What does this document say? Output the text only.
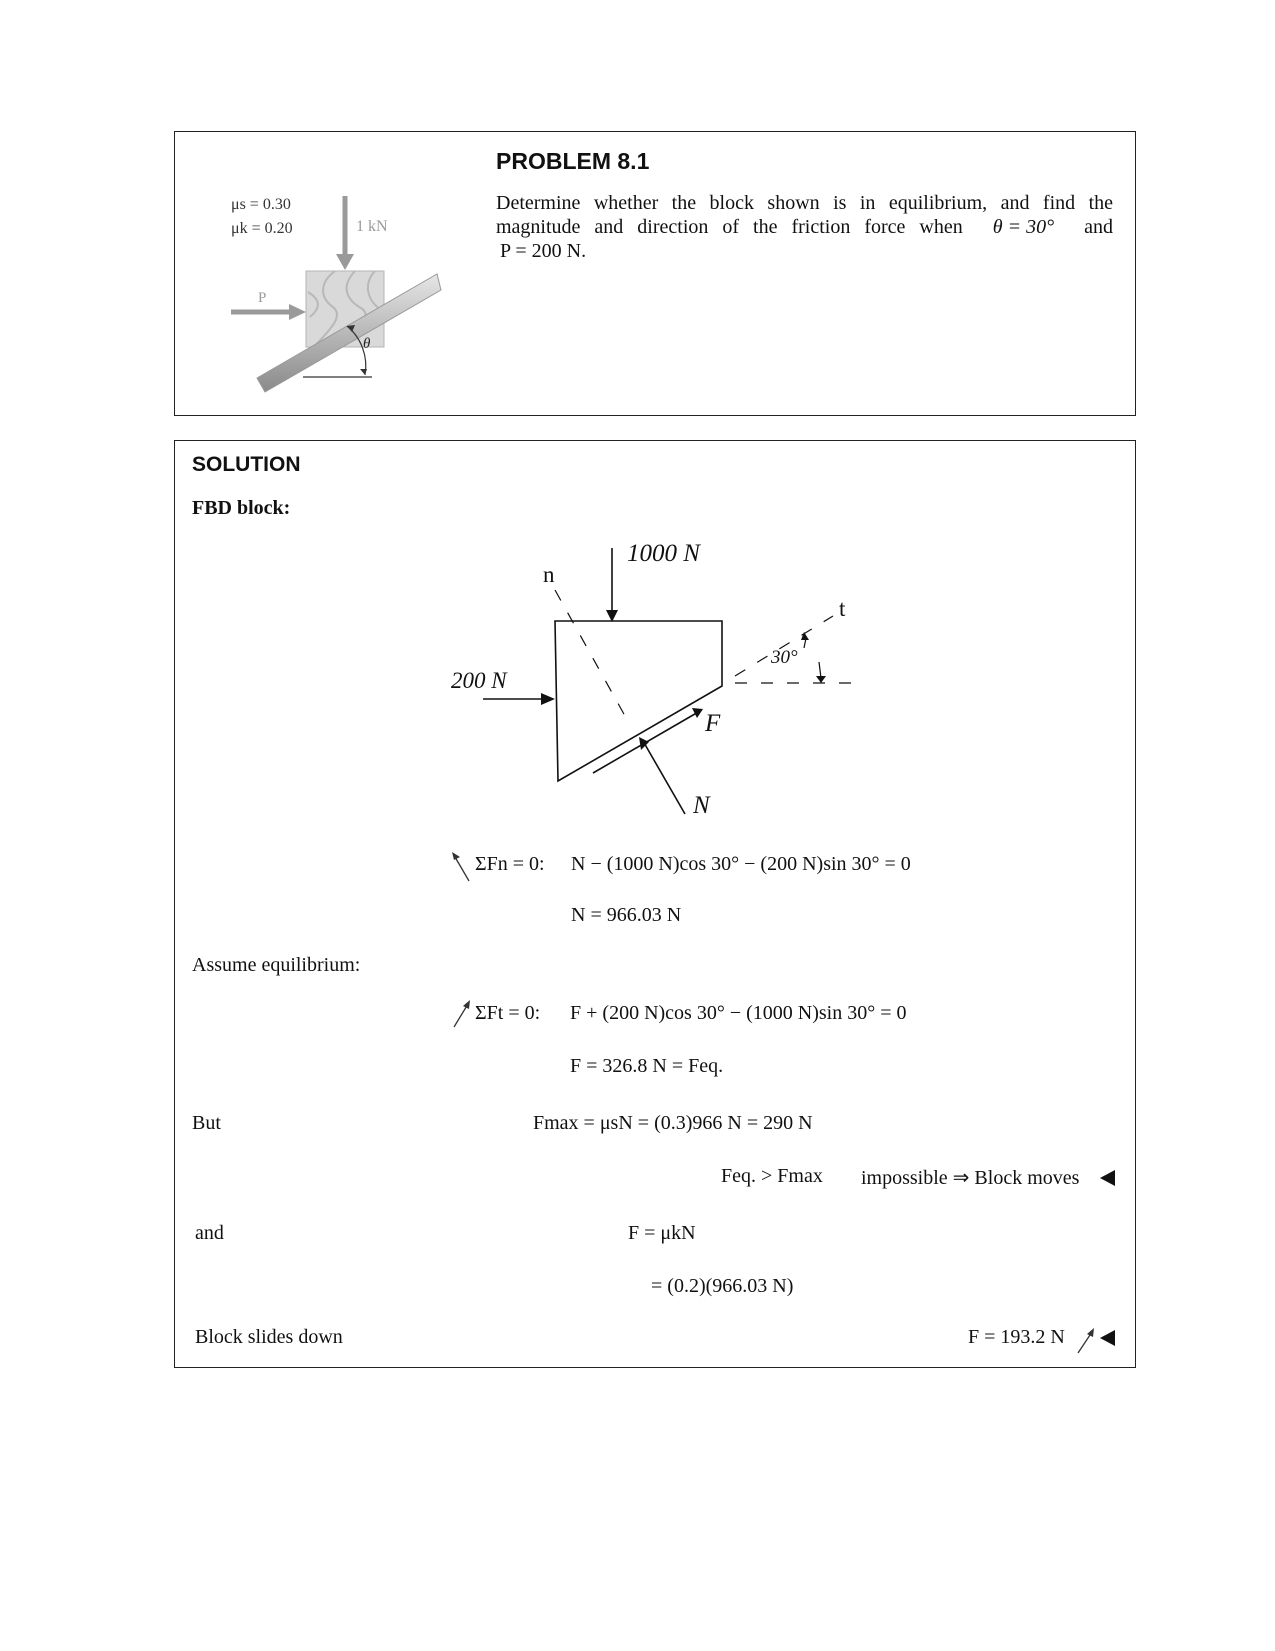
θ
1 kN
P
μs = 0.30
μk = 0.20
PROBLEM 8.1
Determine whether the block shown is in equilibrium, and find the
magnitude and direction of the friction force when θ = 30° and
P = 200 N.
SOLUTION
FBD block:
1000 N
200 N
n
t
30°
F
N
ΣFn = 0: N − (1000 N)cos 30° − (200 N)sin 30° = 0
N = 966.03 N
Assume equilibrium:
ΣFt = 0: F + (200 N)cos 30° − (1000 N)sin 30° = 0
F = 326.8 N = Feq.
But	Fmax = μsN = (0.3)966 N = 290 N
Feq. > Fmax impossible ⇒ Block moves
and	F = μkN
= (0.2)(966.03 N)
Block slides down	F = 193.2 N
